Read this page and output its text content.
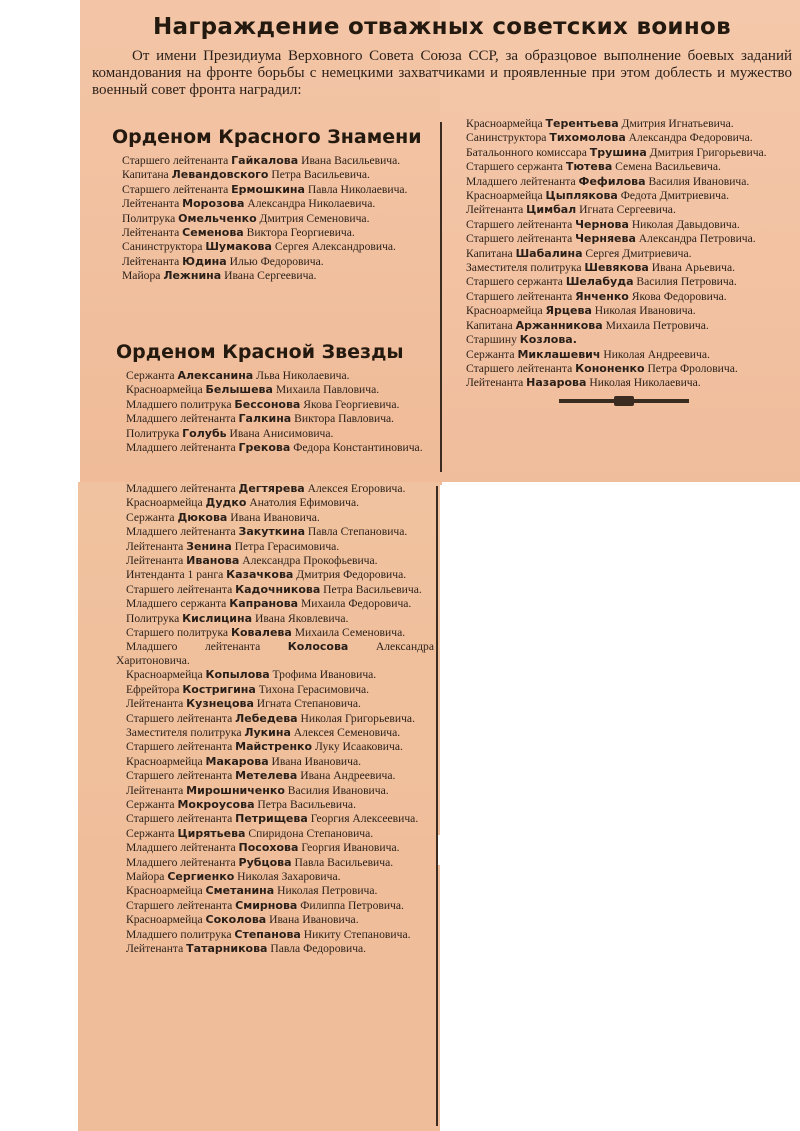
Награждение отважных советских воинов

От имени Президиума Верховного Совета Союза ССР, за образцовое выполнение боевых заданий командования на фронте борьбы с немецкими захватчиками и проявленные при этом доблесть и мужество военный совет фронта наградил:

Орденом Красного Знамени

Старшего лейтенанта Гайкалова Ивана Васильевича.

Капитана Левандовского Петра Васильевича.

Старшего лейтенанта Ермошкина Павла Николаевича.

Лейтенанта Морозова Александра Николаевича.

Политрука Омельченко Дмитрия Семеновича.

Лейтенанта Семенова Виктора Георгиевича.

Санинструктора Шумакова Сергея Александровича.

Лейтенанта Юдина Илью Федоровича.

Майора Лежнина Ивана Сергеевича.

Орденом Красной Звезды

Сержанта Алексанина Льва Николаевича.

Красноармейца Белышева Михаила Павловича.

Младшего политрука Бессонова Якова Георгиевича.

Младшего лейтенанта Галкина Виктора Павловича.

Политрука Голубь Ивана Анисимовича.

Младшего лейтенанта Грекова Федора Константиновича.

Младшего лейтенанта Дегтярева Алексея Егоровича.

Красноармейца Дудко Анатолия Ефимовича.

Сержанта Дюкова Ивана Ивановича.

Младшего лейтенанта Закуткина Павла Степановича.

Лейтенанта Зенина Петра Герасимовича.

Лейтенанта Иванова Александра Прокофьевича.

Интенданта 1 ранга Казачкова Дмитрия Федоровича.

Старшего лейтенанта Кадочникова Петра Васильевича.

Младшего сержанта Капранова Михаила Федоровича.

Политрука Кислицина Ивана Яковлевича.

Старшего политрука Ковалева Михаила Семеновича.

Младшего лейтенанта	Колосова Александра Харитоновича.

Красноармейца Копылова Трофима Ивановича.

Ефрейтора Костригина Тихона Герасимовича.

Лейтенанта Кузнецова Игната Степановича.

Старшего лейтенанта Лебедева Николая Григорьевича.

Заместителя политрука Лукина Алексея Семеновича.

Старшего лейтенанта Майстренко Луку Исааковича.

Красноармейца Макарова Ивана Ивановича.

Старшего лейтенанта Метелева Ивана Андреевича.

Лейтенанта Мирошниченко Василия Ивановича.

Сержанта Мокроусова Петра Васильевича.

Старшего лейтенанта Петрищева Георгия Алексеевича.

Сержанта Цирятьева Спиридона Степановича.

Младшего лейтенанта Посохова Георгия Ивановича.

Младшего лейтенанта Рубцова Павла Васильевича.

Майора Сергиенко Николая Захаровича.

Красноармейца Сметанина Николая Петровича.

Старшего лейтенанта Смирнова Филиппа Петровича.

Красноармейца Соколова Ивана Ивановича.

Младшего политрука Степанова Никиту Степановича.

Лейтенанта Татарникова Павла Федоровича.

Красноармейца Терентьева Дмитрия Игнатьевича.

Санинструктора Тихомолова Александра Федоровича.

Батальонного комиссара Трушина Дмитрия Григорьевича.

Старшего сержанта Тютева Семена Васильевича.

Младшего лейтенанта Фефилова Василия Ивановича.

Красноармейца Цыплякова Федота Дмитриевича.

Лейтенанта Цимбал Игната Сергеевича.

Старшего лейтенанта Чернова Николая Давыдовича.

Старшего лейтенанта Черняева Александра Петровича.

Капитана Шабалина Сергея Дмитриевича.

Заместителя политрука Шевякова Ивана Арьевича.

Старшего сержанта Шелабуда Василия Петровича.

Старшего лейтенанта Янченко Якова Федоровича.

Красноармейца Ярцева Николая Ивановича.

Капитана Аржанникова Михаила Петровича.

Старшину Козлова.

Сержанта Миклашевич Николая Андреевича.

Старшего лейтенанта Кононенко Петра Фроловича.

Лейтенанта Назарова Николая Николаевича.
